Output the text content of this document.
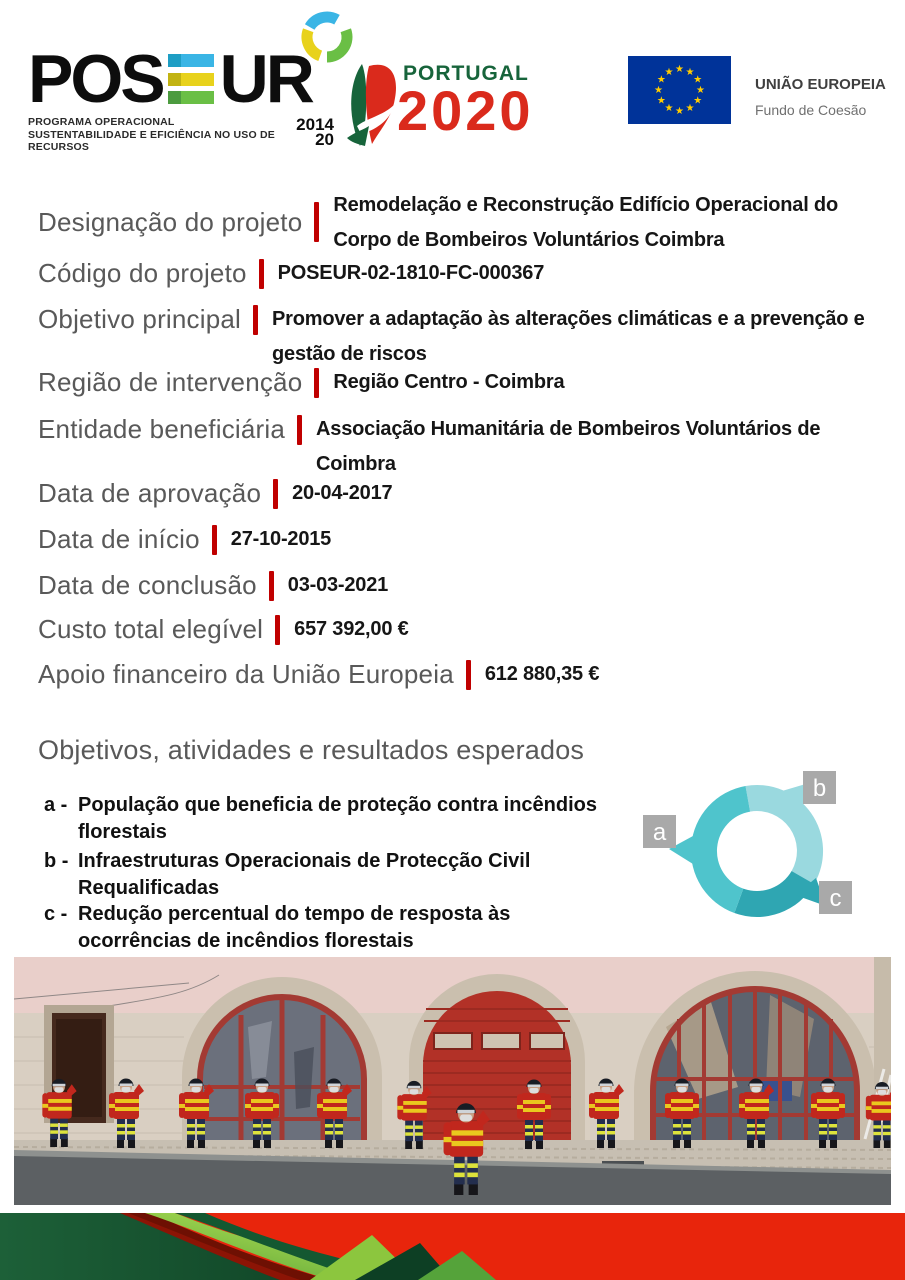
POS UR
PROGRAMA OPERACIONAL
SUSTENTABILIDADE E EFICIÊNCIA NO USO DE RECURSOS
2014
20
PORTUGAL
2020
★ ★
★
★
★
★
★
★
★
★
★
★
UNIÃO EUROPEIA
Fundo de Coesão
Designação do projeto
Remodelação e Reconstrução Edifício Operacional do Corpo de Bombeiros Voluntários Coimbra
Código do projeto POSEUR-02-1810-FC-000367
Objetivo principal Promover a adaptação às alterações climáticas e a prevenção e gestão de riscos
Região de intervenção Região Centro - Coimbra
Entidade beneficiária Associação Humanitária de Bombeiros Voluntários de Coimbra
Data de aprovação 20-04-2017
Data de início 27-10-2015
Data de conclusão 03-03-2021
Custo total elegível 657 392,00 €
Apoio financeiro da União Europeia 612 880,35 €
Objetivos, atividades e resultados esperados
a - População que beneficia de proteção contra incêndios florestais
b - Infraestruturas Operacionais de Protecção Civil Requalificadas
c - Redução percentual do tempo de resposta às ocorrências de incêndios florestais
a
b
c
